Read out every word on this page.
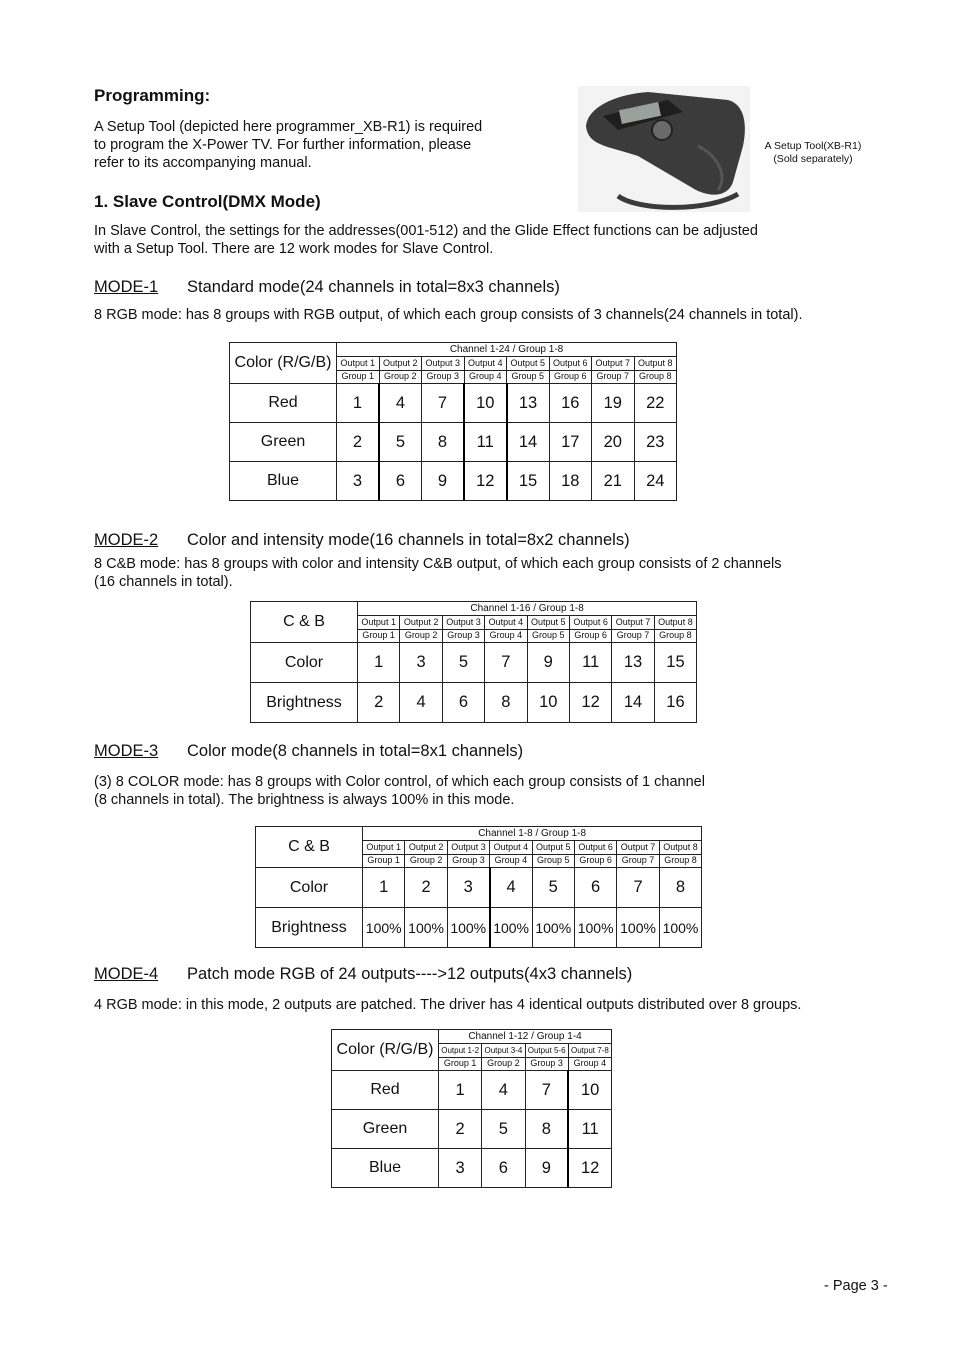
Programming:
A Setup Tool (depicted here programmer_XB-R1) is required
to program the X-Power TV. For further information, please
refer to its accompanying manual.
A Setup Tool(XB-R1)
(Sold separately)
1. Slave Control(DMX Mode)
In Slave Control, the settings for the addresses(001-512) and the Glide Effect functions can be adjusted
with a Setup Tool. There are 12 work modes for Slave Control.
MODE-1 Standard mode(24 channels in total=8x3 channels)
8 RGB mode: has 8 groups with RGB output, of which each group consists of 3 channels(24 channels in total).
Color (R/G/B)	Channel 1-24 / Group 1-8							
	Output 1	Output 2	Output 3	Output 4	Output 5	Output 6	Output 7	Output 8
	Group 1	Group 2	Group 3	Group 4	Group 5	Group 6	Group 7	Group 8
Red	1	4	7	10	13	16	19	22
Green	2	5	8	11	14	17	20	23
Blue	3	6	9	12	15	18	21	24
MODE-2 Color and intensity mode(16 channels in total=8x2 channels)
8 C&B mode: has 8 groups with color and intensity C&B output, of which each group consists of 2 channels
(16 channels in total).
C & B	Channel 1-16 / Group 1-8							
	Output 1	Output 2	Output 3	Output 4	Output 5	Output 6	Output 7	Output 8
	Group 1	Group 2	Group 3	Group 4	Group 5	Group 6	Group 7	Group 8
Color	1	3	5	7	9	11	13	15
Brightness	2	4	6	8	10	12	14	16
MODE-3 Color mode(8 channels in total=8x1 channels)
(3) 8 COLOR mode: has 8 groups with Color control, of which each group consists of 1 channel
(8 channels in total). The brightness is always 100% in this mode.
C & B	Channel 1-8 / Group 1-8							
	Output 1	Output 2	Output 3	Output 4	Output 5	Output 6	Output 7	Output 8
	Group 1	Group 2	Group 3	Group 4	Group 5	Group 6	Group 7	Group 8
Color	1	2	3	4	5	6	7	8
Brightness	100%	100%	100%	100%	100%	100%	100%	100%
MODE-4 Patch mode RGB of 24 outputs---->12 outputs(4x3 channels)
4 RGB mode: in this mode, 2 outputs are patched. The driver has 4 identical outputs distributed over 8 groups.
Color (R/G/B)	Channel 1-12 / Group 1-4			
	Output 1-2	Output 3-4	Output 5-6	Output 7-8
	Group 1	Group 2	Group 3	Group 4
Red	1	4	7	10
Green	2	5	8	11
Blue	3	6	9	12
- Page 3 -
